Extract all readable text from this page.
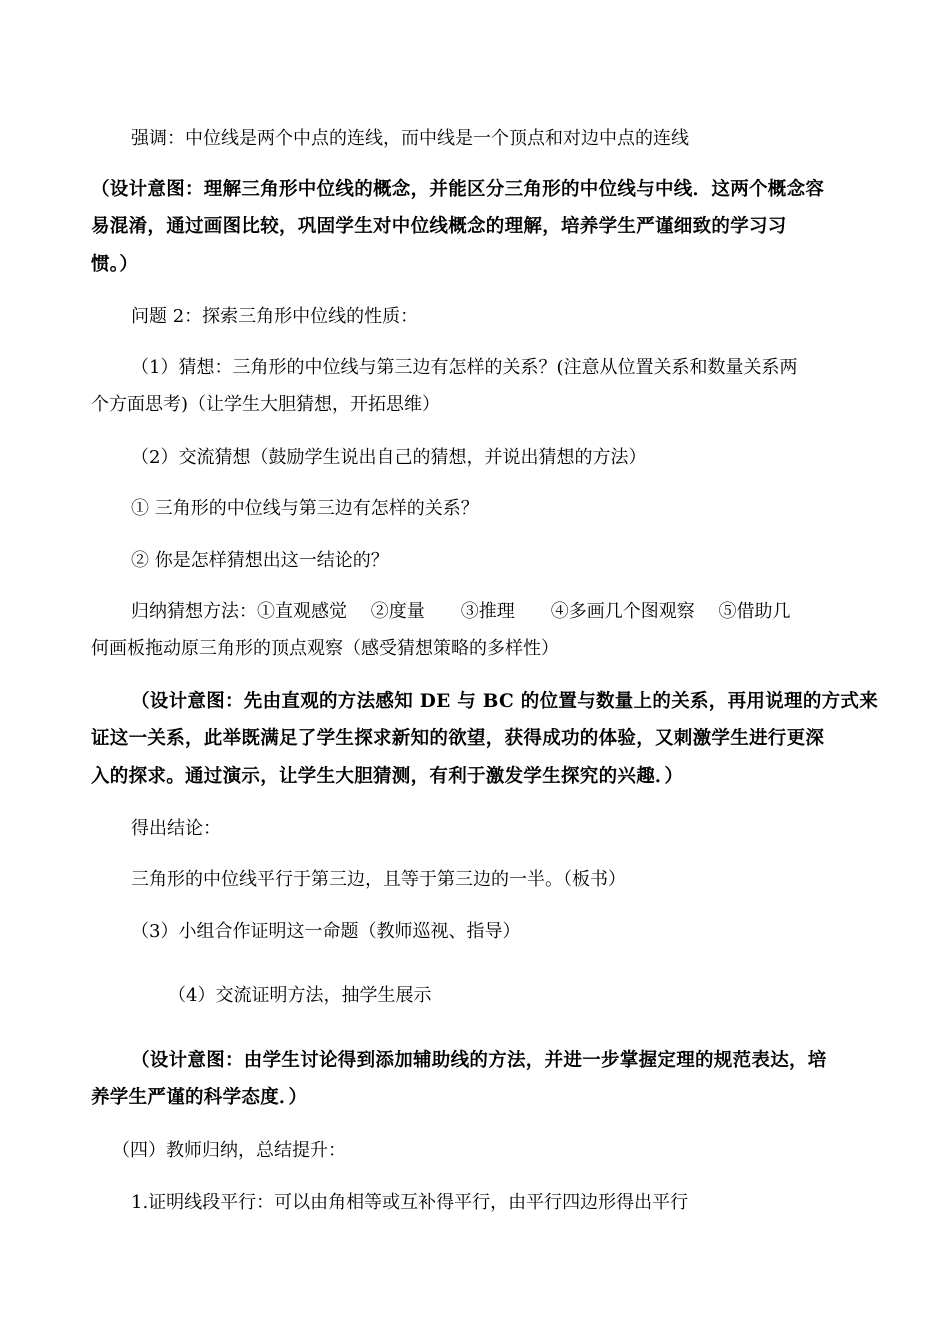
强调：中位线是两个中点的连线，而中线是一个顶点和对边中点的连线
（设计意图：理解三角形中位线的概念，并能区分三角形的中位线与中线．这两个概念容
易混淆，通过画图比较，巩固学生对中位线概念的理解，培养学生严谨细致的学习习
惯。）
问题 2：探索三角形中位线的性质：
（1）猜想：三角形的中位线与第三边有怎样的关系？(注意从位置关系和数量关系两
个方面思考)（让学生大胆猜想，开拓思维）
（2）交流猜想（鼓励学生说出自己的猜想，并说出猜想的方法）
① 三角形的中位线与第三边有怎样的关系？
② 你是怎样猜想出这一结论的？
归纳猜想方法：①直观感觉　 ②度量　　③推理　　④多画几个图观察　 ⑤借助几
何画板拖动原三角形的顶点观察（感受猜想策略的多样性）
（设计意图：先由直观的方法感知 DE 与 BC 的位置与数量上的关系，再用说理的方式来
证这一关系，此举既满足了学生探求新知的欲望，获得成功的体验，又刺激学生进行更深
入的探求。通过演示，让学生大胆猜测，有利于激发学生探究的兴趣．）
得出结论：
三角形的中位线平行于第三边，且等于第三边的一半。（板书）
（3）小组合作证明这一命题（教师巡视、指导）
（4）交流证明方法，抽学生展示
（设计意图：由学生讨论得到添加辅助线的方法，并进一步掌握定理的规范表达，培
养学生严谨的科学态度．）
（四）教师归纳，总结提升：
1.证明线段平行：可以由角相等或互补得平行，由平行四边形得出平行
